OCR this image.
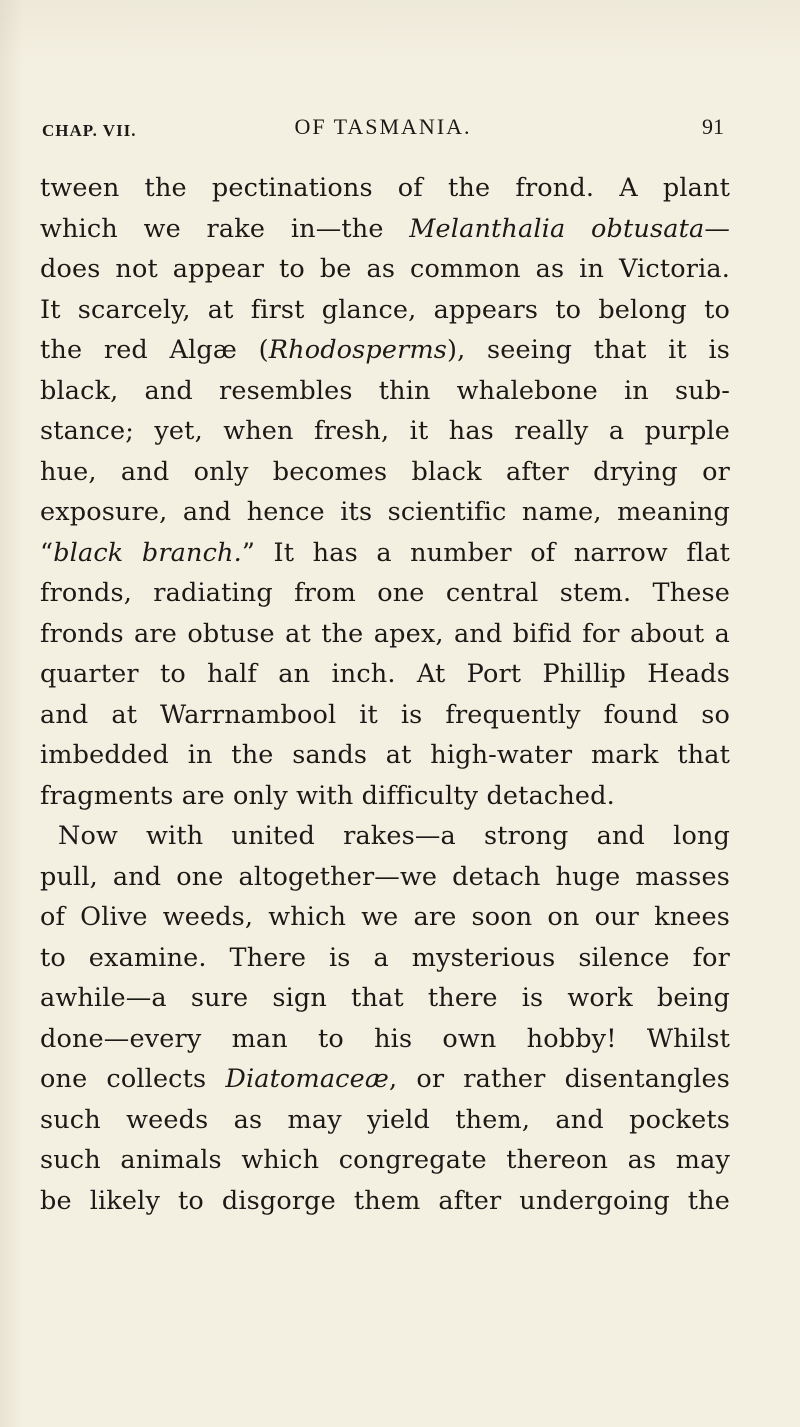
CHAP. VII.	OF TASMANIA.	91
tween the pectinations of the frond. A plant
which we rake in—the Melanthalia obtusata—
does not appear to be as common as in Victoria.
It scarcely, at first glance, appears to belong to
the red Algæ (Rhodosperms), seeing that it is
black, and resembles thin whalebone in sub-
stance; yet, when fresh, it has really a purple
hue, and only becomes black after drying or
exposure, and hence its scientific name, meaning
“black branch.” It has a number of narrow flat
fronds, radiating from one central stem. These
fronds are obtuse at the apex, and bifid for about a
quarter to half an inch. At Port Phillip Heads
and at Warrnambool it is frequently found so
imbedded in the sands at high-water mark that
fragments are only with difficulty detached.
Now with united rakes—a strong and long
pull, and one altogether—we detach huge masses
of Olive weeds, which we are soon on our knees
to examine. There is a mysterious silence for
awhile—a sure sign that there is work being
done—every man to his own hobby! Whilst
one collects Diatomaceæ, or rather disentangles
such weeds as may yield them, and pockets
such animals which congregate thereon as may
be likely to disgorge them after undergoing the
